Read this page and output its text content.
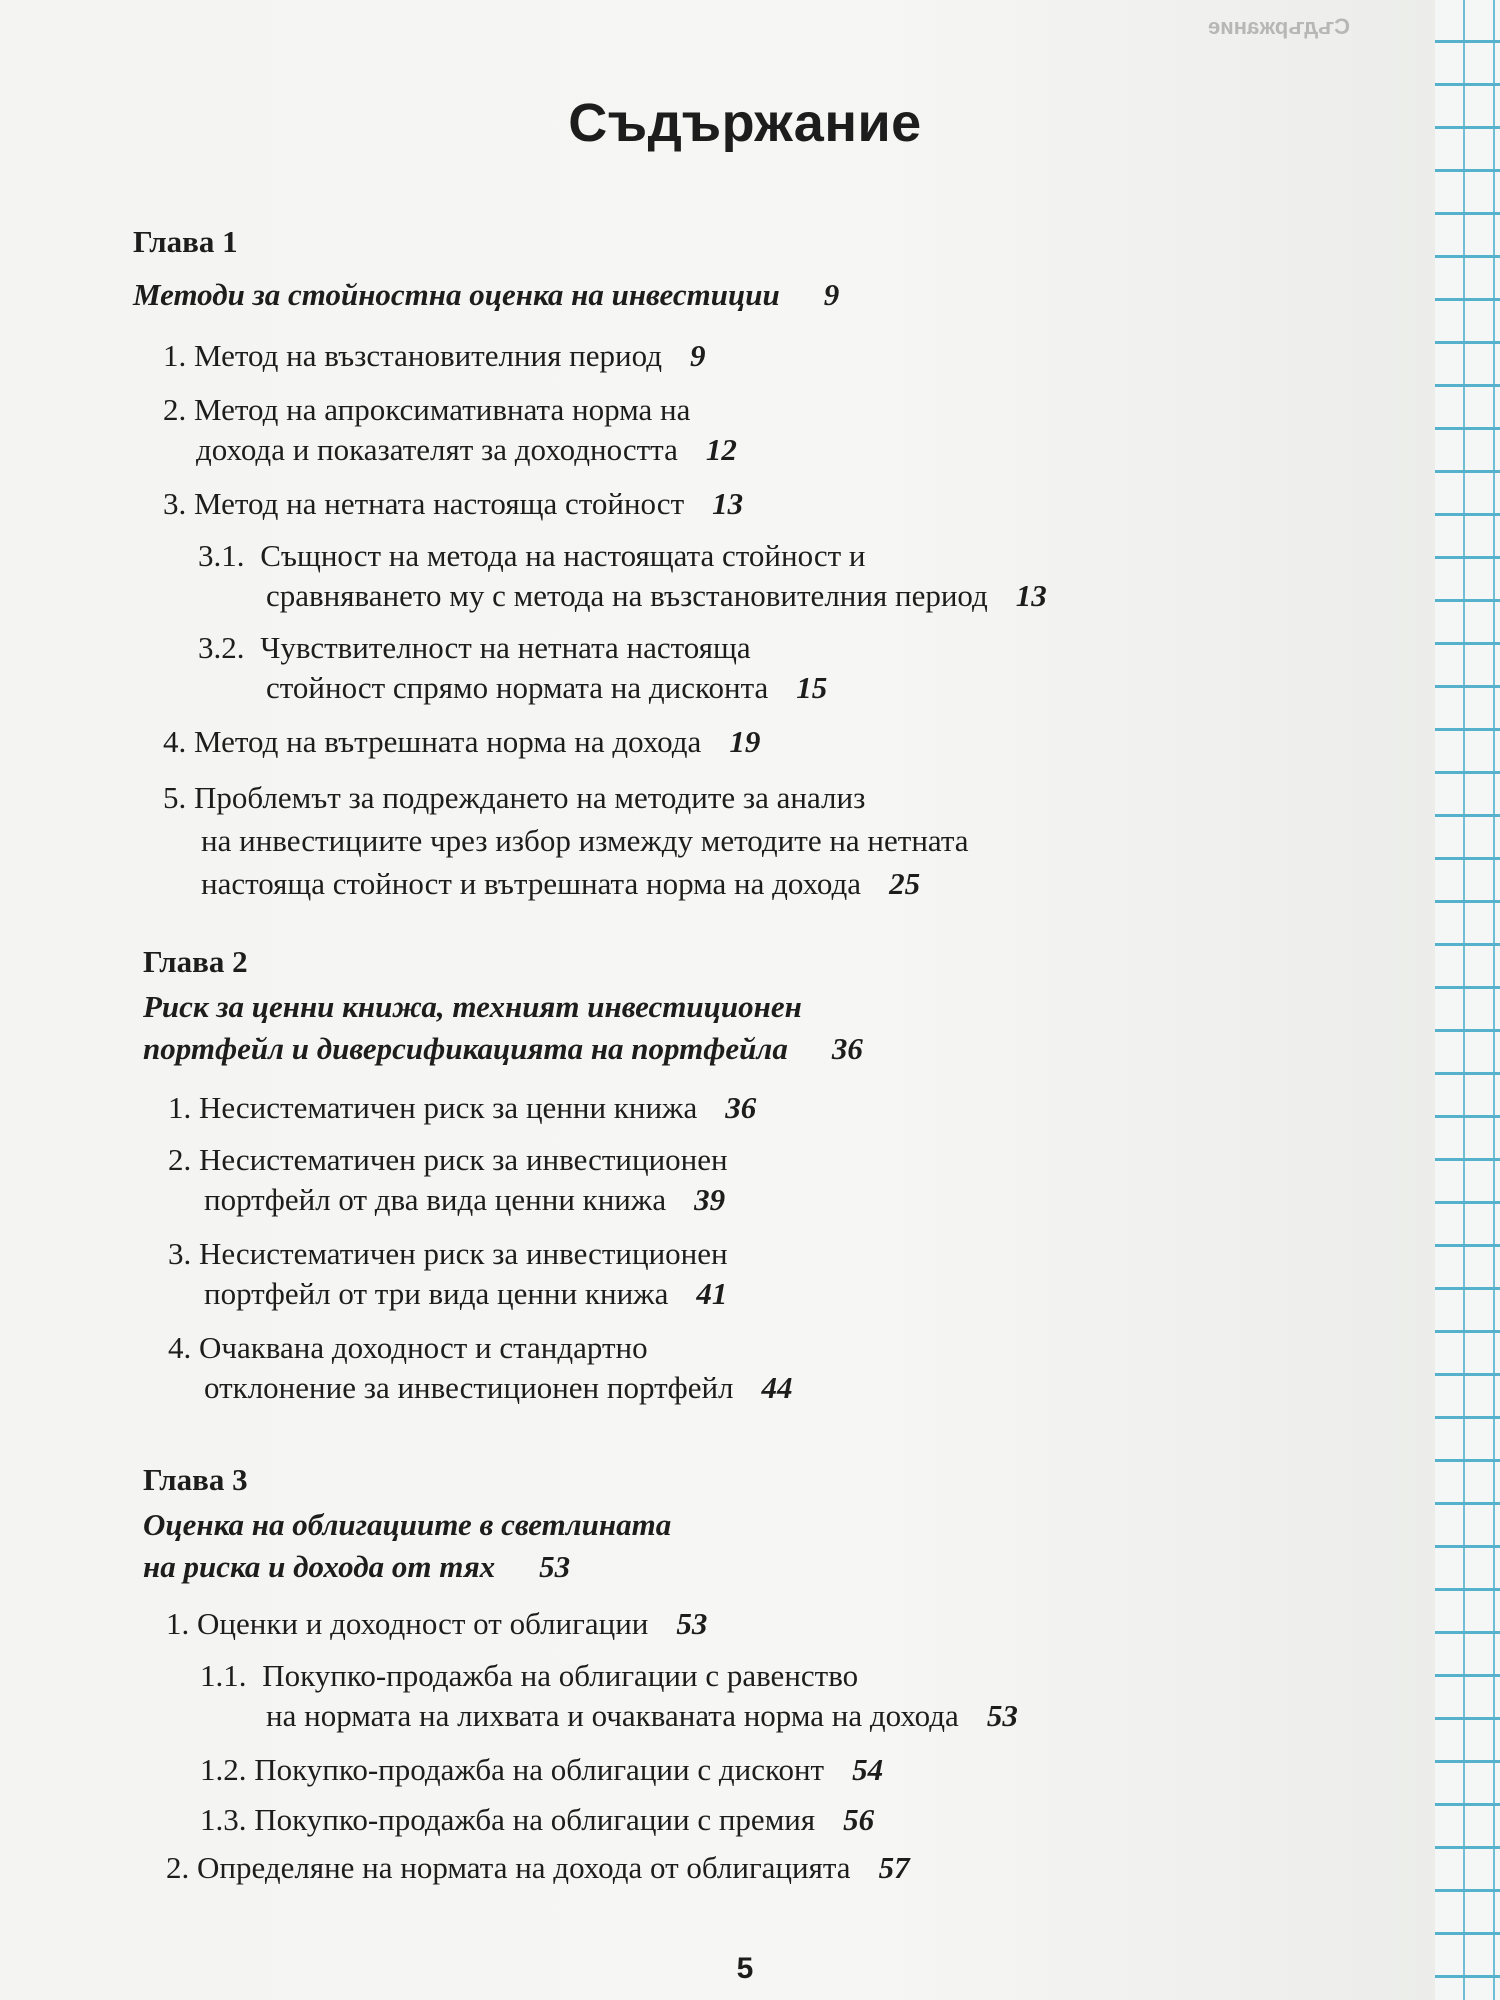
Съдържание
Съдържание
Глава 1
Методи за стойностна оценка на инвестиции 9
1. Метод на възстановителния период 9
2. Метод на апроксимативната норма на
дохода и показателят за доходността 12
3. Метод на нетната настояща стойност 13
3.1. Същност на метода на настоящата стойност и
сравняването му с метода на възстановителния период 13
3.2. Чувствителност на нетната настояща
стойност спрямо нормата на дисконта 15
4. Метод на вътрешната норма на дохода 19
5. Проблемът за подреждането на методите за анализ
на инвестициите чрез избор измежду методите на нетната
настояща стойност и вътрешната норма на дохода 25
Глава 2
Риск за ценни книжа, техният инвестиционен
портфейл и диверсификацията на портфейла 36
1. Несистематичен риск за ценни книжа 36
2. Несистематичен риск за инвестиционен
портфейл от два вида ценни книжа 39
3. Несистематичен риск за инвестиционен
портфейл от три вида ценни книжа 41
4. Очаквана доходност и стандартно
отклонение за инвестиционен портфейл 44
Глава 3
Оценка на облигациите в светлината
на риска и дохода от тях 53
1. Оценки и доходност от облигации 53
1.1. Покупко-продажба на облигации с равенство
на нормата на лихвата и очакваната норма на дохода 53
1.2. Покупко-продажба на облигации с дисконт 54
1.3. Покупко-продажба на облигации с премия 56
2. Определяне на нормата на дохода от облигацията 57
5
